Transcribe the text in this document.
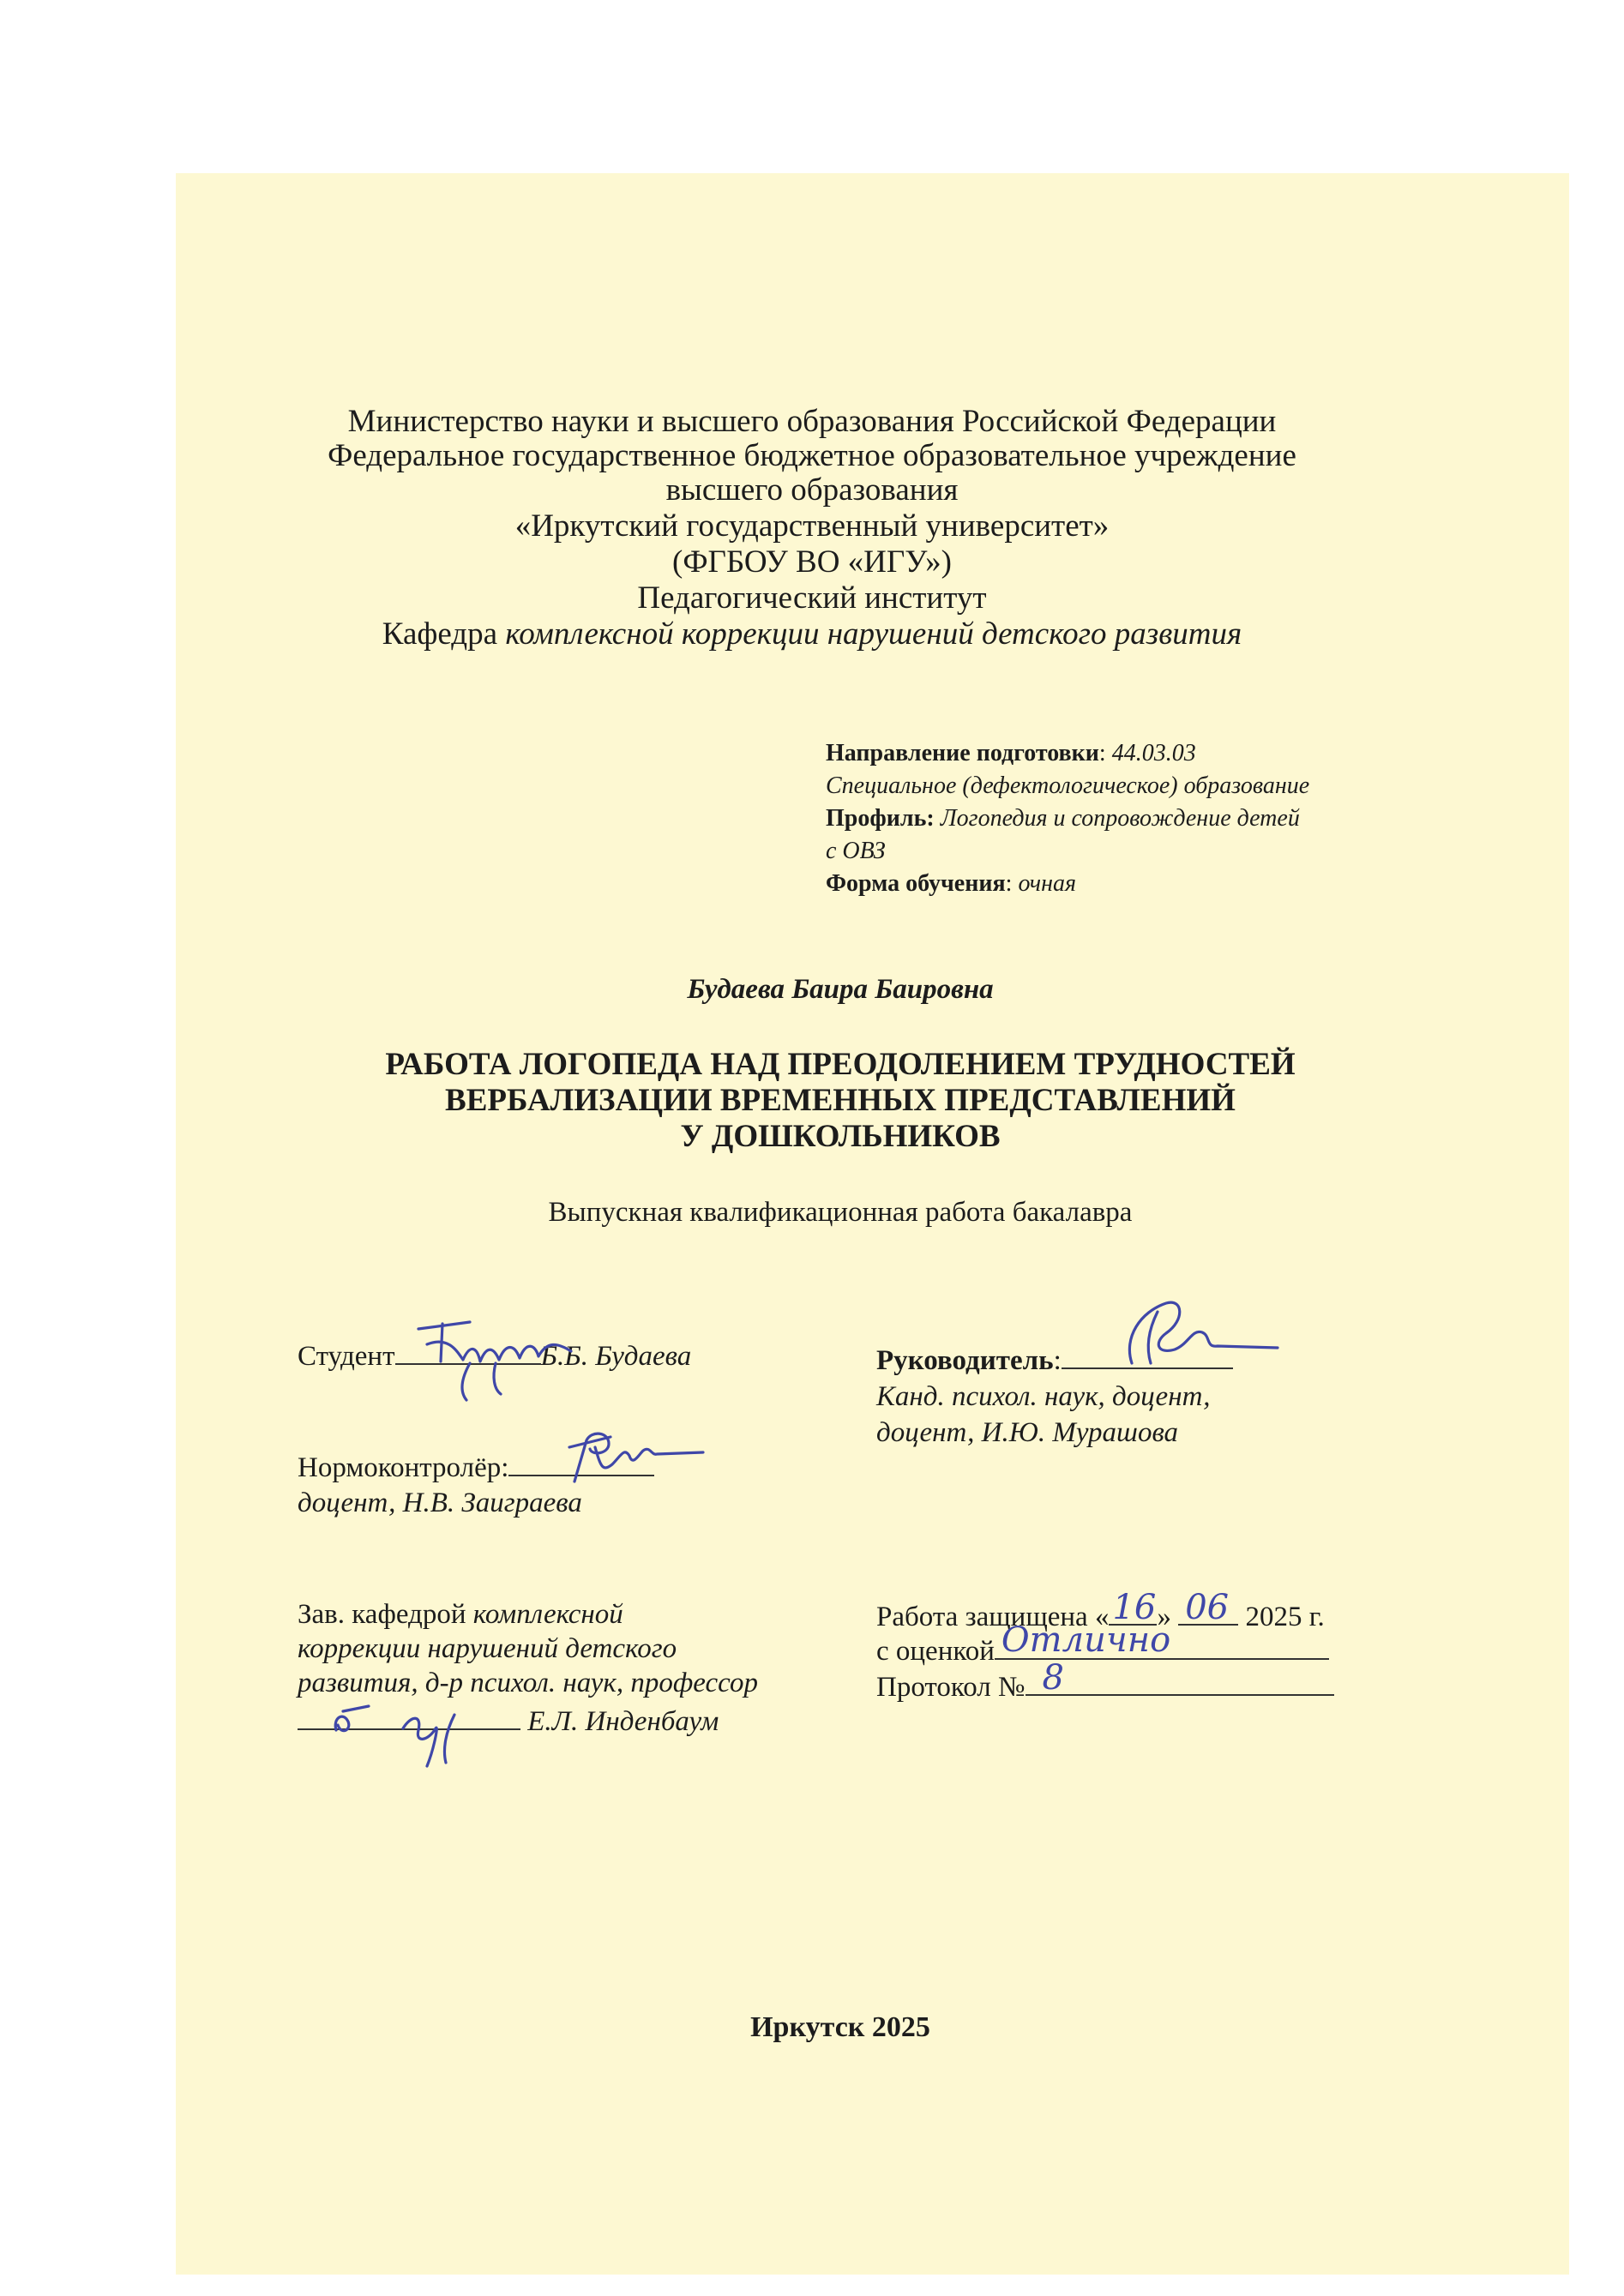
Министерство науки и высшего образования Российской Федерации
Федеральное государственное бюджетное образовательное учреждение
высшего образования
«Иркутский государственный университет»
(ФГБОУ ВО «ИГУ»)
Педагогический институт
Кафедра комплексной коррекции нарушений детского развития
Направление подготовки: 44.03.03
Специальное (дефектологическое) образование
Профиль: Логопедия и сопровождение детей
с ОВЗ
Форма обучения: очная
Будаева Баира Баировна
РАБОТА ЛОГОПЕДА НАД ПРЕОДОЛЕНИЕМ ТРУДНОСТЕЙ
ВЕРБАЛИЗАЦИИ ВРЕМЕННЫХ ПРЕДСТАВЛЕНИЙ
У ДОШКОЛЬНИКОВ
Выпускная квалификационная работа бакалавра
Студент	Б.Б. Будаева	Руководитель:
Канд. психол. наук, доцент,
доцент, И.Ю. Мурашова
Нормоконтролёр:
доцент, Н.В. Заиграева
Зав. кафедрой комплексной
коррекции нарушений детского
развития, д-р психол. наук, профессор
Е.Л. Инденбаум
Работа защищена « 16 » 06 2025 г.
с оценкой Отлично
Протокол № 8
Иркутск 2025
